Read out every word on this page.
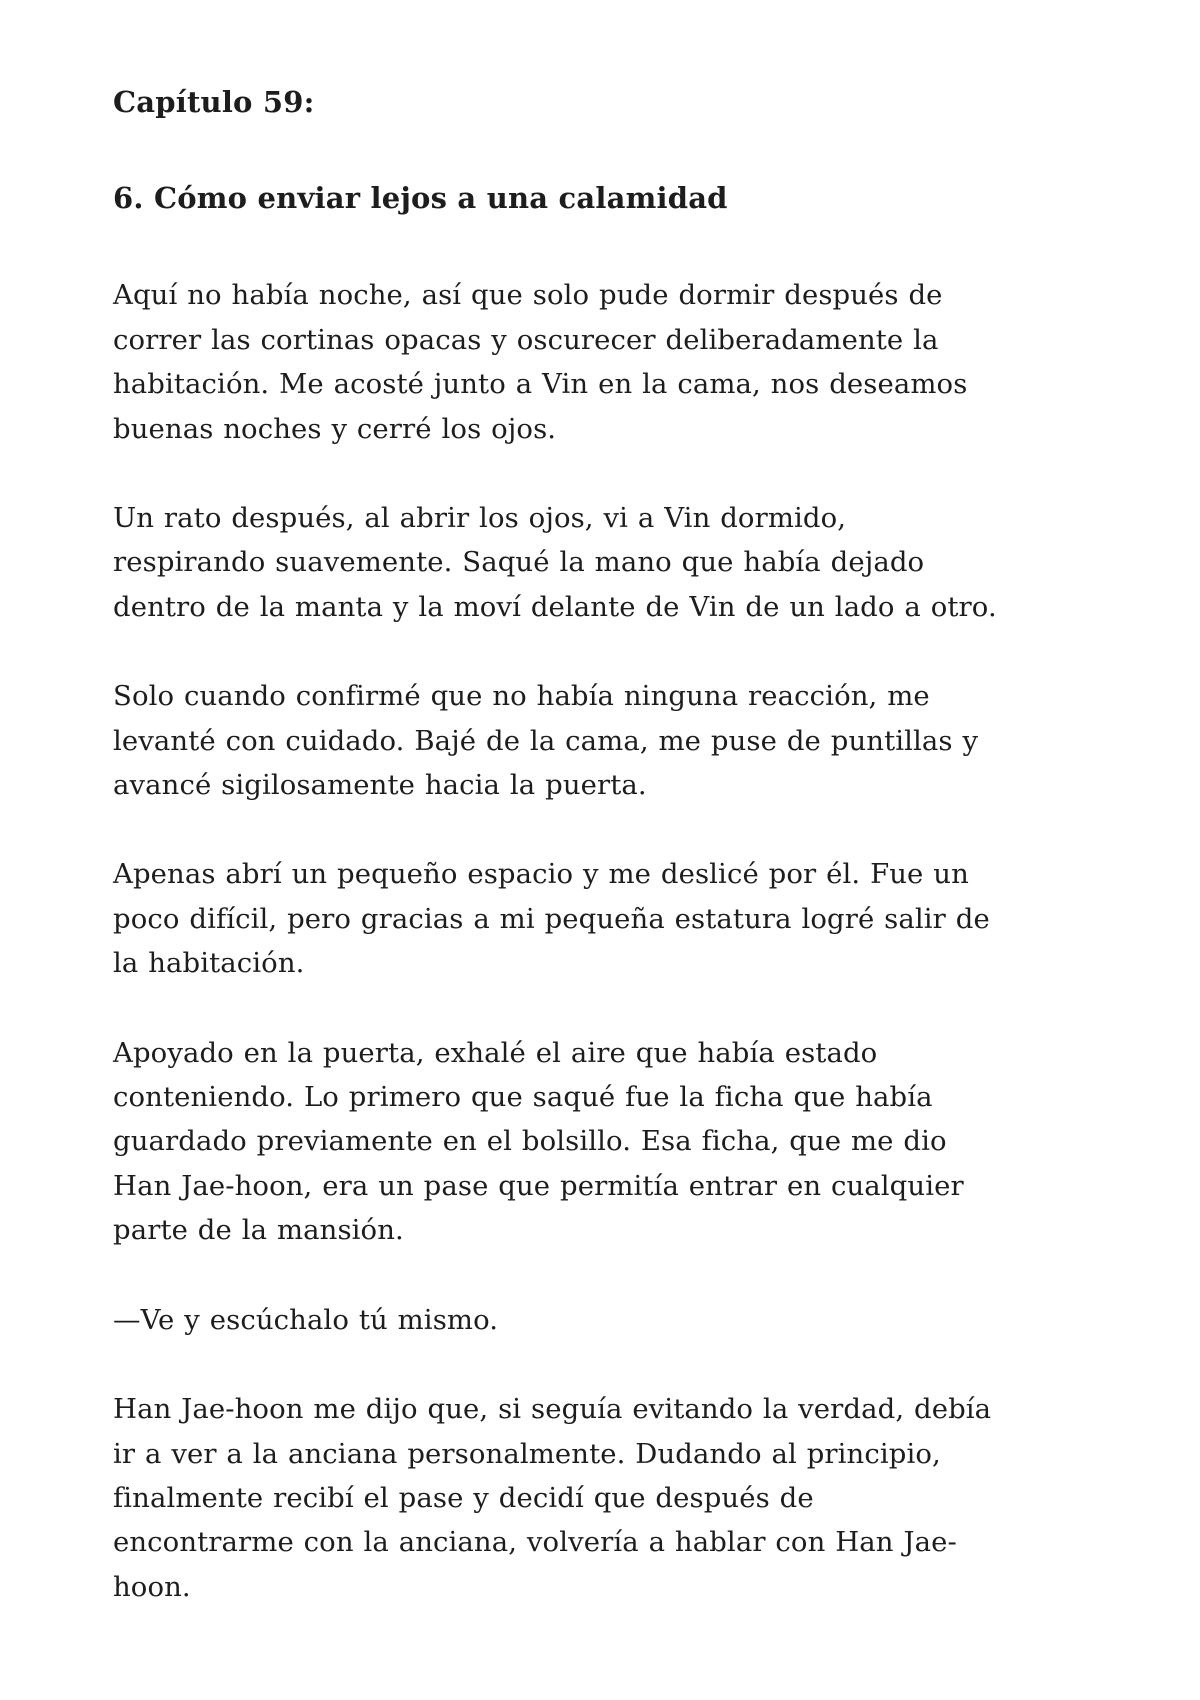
Capítulo 59:
6. Cómo enviar lejos a una calamidad

Aquí no había noche, así que solo pude dormir después de correr las cortinas opacas y oscurecer deliberadamente la habitación. Me acosté junto a Vin en la cama, nos deseamos buenas noches y cerré los ojos.

Un rato después, al abrir los ojos, vi a Vin dormido, respirando suavemente. Saqué la mano que había dejado dentro de la manta y la moví delante de Vin de un lado a otro.

Solo cuando confirmé que no había ninguna reacción, me levanté con cuidado. Bajé de la cama, me puse de puntillas y avancé sigilosamente hacia la puerta.

Apenas abrí un pequeño espacio y me deslicé por él. Fue un poco difícil, pero gracias a mi pequeña estatura logré salir de la habitación.

Apoyado en la puerta, exhalé el aire que había estado conteniendo. Lo primero que saqué fue la ficha que había guardado previamente en el bolsillo. Esa ficha, que me dio Han Jae-hoon, era un pase que permitía entrar en cualquier parte de la mansión.

—Ve y escúchalo tú mismo.

Han Jae-hoon me dijo que, si seguía evitando la verdad, debía ir a ver a la anciana personalmente. Dudando al principio, finalmente recibí el pase y decidí que después de encontrarme con la anciana, volvería a hablar con Han Jae-hoon.
